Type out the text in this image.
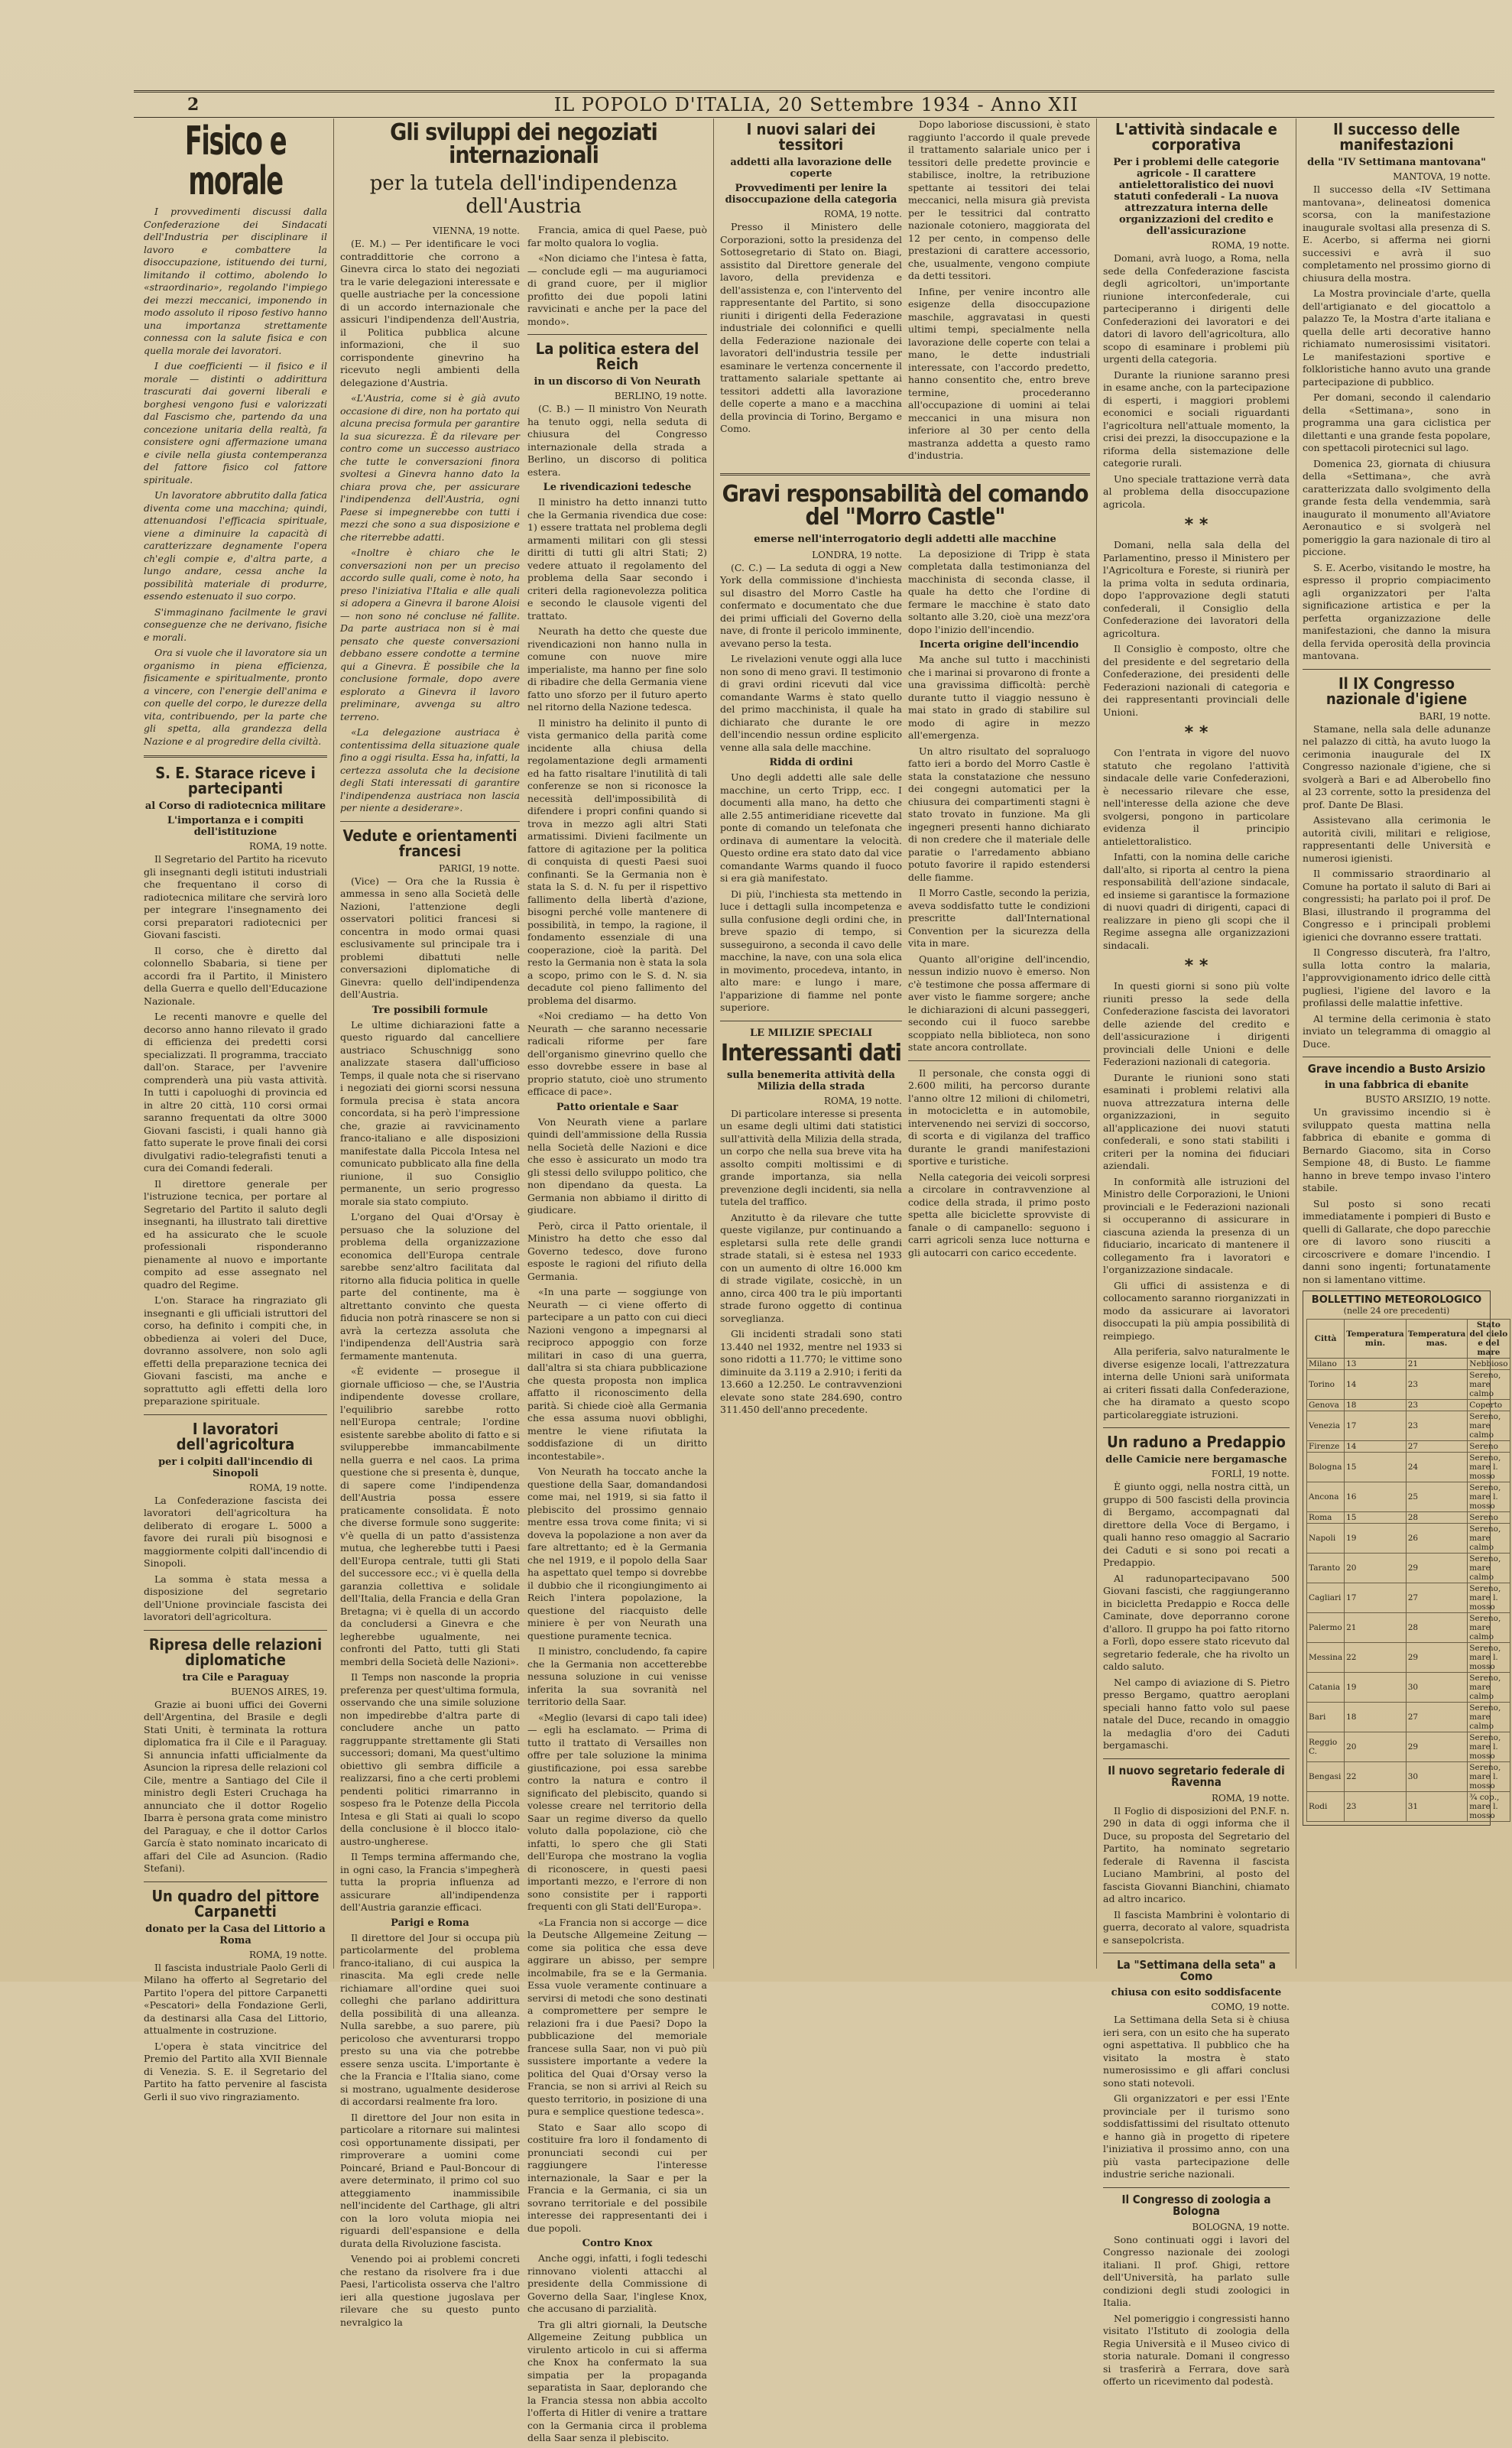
2	IL POPOLO D'ITALIA, 20 Settembre 1934 - Anno XII
Fisico e morale

I provvedimenti discussi dalla Confederazione dei Sindacati dell'Industria per disciplinare il lavoro e combattere la disoccupazione, istituendo dei turni, limitando il cottimo, abolendo lo «straordinario», regolando l'impiego dei mezzi meccanici, imponendo in modo assoluto il riposo festivo hanno una importanza strettamente connessa con la salute fisica e con quella morale dei lavoratori.

I due coefficienti — il fisico e il morale — distinti o addirittura trascurati dai governi liberali e borghesi vengono fusi e valorizzati dal Fascismo che, partendo da una concezione unitaria della realtà, fa consistere ogni affermazione umana e civile nella giusta contemperanza del fattore fisico col fattore spirituale.

Un lavoratore abbrutito dalla fatica diventa come una macchina; quindi, attenuandosi l'efficacia spirituale, viene a diminuire la capacità di caratterizzare degnamente l'opera ch'egli compie e, d'altra parte, a lungo andare, cessa anche la possibilità materiale di produrre, essendo estenuato il suo corpo.

S'immaginano facilmente le gravi conseguenze che ne derivano, fisiche e morali.

Ora si vuole che il lavoratore sia un organismo in piena efficienza, fisicamente e spiritualmente, pronto a vincere, con l'energie dell'anima e con quelle del corpo, le durezze della vita, contribuendo, per la parte che gli spetta, alla grandezza della Nazione e al progredire della civiltà.

S. E. Starace riceve i partecipanti
al Corso di radiotecnica militare
L'importanza e i compiti dell'istituzione
ROMA, 19 notte.

Il Segretario del Partito ha ricevuto gli insegnanti degli istituti industriali che frequentano il corso di radiotecnica militare che servirà loro per integrare l'insegnamento dei corsi preparatori radiotecnici per Giovani fascisti.

Il corso, che è diretto dal colonnello Sbabaria, si tiene per accordi fra il Partito, il Ministero della Guerra e quello dell'Educazione Nazionale.

Le recenti manovre e quelle del decorso anno hanno rilevato il grado di efficienza dei predetti corsi specializzati. Il programma, tracciato dall'on. Starace, per l'avvenire comprenderà una più vasta attività. In tutti i capoluoghi di provincia ed in altre 20 città, 110 corsi ormai saranno frequentati da oltre 3000 Giovani fascisti, i quali hanno già fatto superate le prove finali dei corsi divulgativi radio-telegrafisti tenuti a cura dei Comandi federali.

Il direttore generale per l'istruzione tecnica, per portare al Segretario del Partito il saluto degli insegnanti, ha illustrato tali direttive ed ha assicurato che le scuole professionali risponderanno pienamente al nuovo e importante compito ad esse assegnato nel quadro del Regime.

L'on. Starace ha ringraziato gli insegnanti e gli ufficiali istruttori del corso, ha definito i compiti che, in obbedienza ai voleri del Duce, dovranno assolvere, non solo agli effetti della preparazione tecnica dei Giovani fascisti, ma anche e soprattutto agli effetti della loro preparazione spirituale.

I lavoratori dell'agricoltura
per i colpiti dall'incendio di Sinopoli
ROMA, 19 notte.

La Confederazione fascista dei lavoratori dell'agricoltura ha deliberato di erogare L. 5000 a favore dei rurali più bisognosi e maggiormente colpiti dall'incendio di Sinopoli.

La somma è stata messa a disposizione del segretario dell'Unione provinciale fascista dei lavoratori dell'agricoltura.

Ripresa delle relazioni diplomatiche
tra Cile e Paraguay
BUENOS AIRES, 19.

Grazie ai buoni uffici dei Governi dell'Argentina, del Brasile e degli Stati Uniti, è terminata la rottura diplomatica fra il Cile e il Paraguay. Si annuncia infatti ufficialmente da Asuncion la ripresa delle relazioni col Cile, mentre a Santiago del Cile il ministro degli Esteri Cruchaga ha annunciato che il dottor Rogelio Ibarra è persona grata come ministro del Paraguay, e che il dottor Carlos García è stato nominato incaricato di affari del Cile ad Asuncion. (Radio Stefani).

Un quadro del pittore Carpanetti
donato per la Casa del Littorio a Roma
ROMA, 19 notte.

Il fascista industriale Paolo Gerli di Milano ha offerto al Segretario del Partito l'opera del pittore Carpanetti «Pescatori» della Fondazione Gerli, da destinarsi alla Casa del Littorio, attualmente in costruzione.

L'opera è stata vincitrice del Premio del Partito alla XVII Biennale di Venezia. S. E. il Segretario del Partito ha fatto pervenire al fascista Gerli il suo vivo ringraziamento.

Gli sviluppi dei negoziati internazionali
per la tutela dell'indipendenza dell'Austria
VIENNA, 19 notte.

(E. M.) — Per identificare le voci contraddittorie che corrono a Ginevra circa lo stato dei negoziati tra le varie delegazioni interessate e quelle austriache per la concessione di un accordo internazionale che assicuri l'indipendenza dell'Austria, il Politica pubblica alcune informazioni, che il suo corrispondente ginevrino ha ricevuto negli ambienti della delegazione d'Austria.

«L'Austria, come si è già avuto occasione di dire, non ha portato qui alcuna precisa formula per garantire la sua sicurezza. È da rilevare per contro come un successo austriaco che tutte le conversazioni finora svoltesi a Ginevra hanno dato la chiara prova che, per assicurare l'indipendenza dell'Austria, ogni Paese si impegnerebbe con tutti i mezzi che sono a sua disposizione e che riterrebbe adatti.

«Inoltre è chiaro che le conversazioni non per un preciso accordo sulle quali, come è noto, ha preso l'iniziativa l'Italia e alle quali si adopera a Ginevra il barone Aloisi — non sono né concluse né fallite. Da parte austriaca non si è mai pensato che queste conversazioni debbano essere condotte a termine qui a Ginevra. È possibile che la conclusione formale, dopo avere esplorato a Ginevra il lavoro preliminare, avvenga su altro terreno.

«La delegazione austriaca è contentissima della situazione quale fino a oggi risulta. Essa ha, infatti, la certezza assoluta che la decisione degli Stati interessati di garantire l'indipendenza austriaca non lascia per niente a desiderare».

Vedute e orientamenti francesi
PARIGI, 19 notte.

(Vice) — Ora che la Russia è ammessa in seno alla Società delle Nazioni, l'attenzione degli osservatori politici francesi si concentra in modo ormai quasi esclusivamente sul principale tra i problemi dibattuti nelle conversazioni diplomatiche di Ginevra: quello dell'indipendenza dell'Austria.

Tre possibili formule

Le ultime dichiarazioni fatte a questo riguardo dal cancelliere austriaco Schuschnigg sono analizzate stasera dall'ufficioso Temps, il quale nota che si riservano i negoziati dei giorni scorsi nessuna formula precisa è stata ancora concordata, si ha però l'impressione che, grazie ai ravvicinamento franco-italiano e alle disposizioni manifestate dalla Piccola Intesa nel comunicato pubblicato alla fine della riunione, il suo Consiglio permanente, un serio progresso morale sia stato compiuto.

L'organo del Quai d'Orsay è persuaso che la soluzione del problema della organizzazione economica dell'Europa centrale sarebbe senz'altro facilitata dal ritorno alla fiducia politica in quelle parte del continente, ma è altrettanto convinto che questa fiducia non potrà rinascere se non si avrà la certezza assoluta che l'indipendenza dell'Austria sarà fermamente mantenuta.

«È evidente — prosegue il giornale ufficioso — che, se l'Austria indipendente dovesse crollare, l'equilibrio sarebbe rotto nell'Europa centrale; l'ordine esistente sarebbe abolito di fatto e si svilupperebbe immancabilmente nella guerra e nel caos. La prima questione che si presenta è, dunque, di sapere come l'indipendenza dell'Austria possa essere praticamente consolidata. È noto che diverse formule sono suggerite: v'è quella di un patto d'assistenza mutua, che legherebbe tutti i Paesi dell'Europa centrale, tutti gli Stati del successore ecc.; vi è quella della garanzia collettiva e solidale dell'Italia, della Francia e della Gran Bretagna; vi è quella di un accordo da concludersi a Ginevra e che legherebbe ugualmente, nei confronti del Patto, tutti gli Stati membri della Società delle Nazioni».

Il Temps non nasconde la propria preferenza per quest'ultima formula, osservando che una simile soluzione non impedirebbe d'altra parte di concludere anche un patto raggruppante strettamente gli Stati successori; domani, Ma quest'ultimo obiettivo gli sembra difficile a realizzarsi, fino a che certi problemi pendenti politici rimarranno in sospeso fra le Potenze della Piccola Intesa e gli Stati ai quali lo scopo della conclusione è il blocco italo-austro-ungherese.

Il Temps termina affermando che, in ogni caso, la Francia s'impegherà tutta la propria influenza ad assicurare all'indipendenza dell'Austria garanzie efficaci.

Parigi e Roma

Il direttore del Jour si occupa più particolarmente del problema franco-italiano, di cui auspica la rinascita. Ma egli crede nelle richiamare all'ordine quei suoi colleghi che parlano addirittura della possibilità di una alleanza. Nulla sarebbe, a suo parere, più pericoloso che avventurarsi troppo presto su una via che potrebbe essere senza uscita. L'importante è che la Francia e l'Italia siano, come si mostrano, ugualmente desiderose di accordarsi realmente fra loro.

Il direttore del Jour non esita in particolare a ritornare sui malintesi così opportunamente dissipati, per rimproverare a uomini come Poincaré, Briand e Paul-Boncour di avere determinato, il primo col suo atteggiamento inammissibile nell'incidente del Carthage, gli altri con la loro voluta miopia nei riguardi dell'espansione e della durata della Rivoluzione fascista.

Venendo poi ai problemi concreti che restano da risolvere fra i due Paesi, l'articolista osserva che l'altro ieri alla questione jugoslava per rilevare che su questo punto nevralgico la

Francia, amica di quel Paese, può far molto qualora lo voglia.

«Non diciamo che l'intesa è fatta, — conclude egli — ma auguriamoci di grand cuore, per il miglior profitto dei due popoli latini ravvicinati e anche per la pace del mondo».

La politica estera del Reich
in un discorso di Von Neurath
BERLINO, 19 notte.

(C. B.) — Il ministro Von Neurath ha tenuto oggi, nella seduta di chiusura del Congresso internazionale della strada a Berlino, un discorso di politica estera.

Le rivendicazioni tedesche

Il ministro ha detto innanzi tutto che la Germania rivendica due cose: 1) essere trattata nel problema degli armamenti militari con gli stessi diritti di tutti gli altri Stati; 2) vedere attuato il regolamento del problema della Saar secondo i criteri della ragionevolezza politica e secondo le clausole vigenti del trattato.

Neurath ha detto che queste due rivendicazioni non hanno nulla in comune con nuove mire imperialiste, ma hanno per fine solo di ribadire che della Germania viene fatto uno sforzo per il futuro aperto nel ritorno della Nazione tedesca.

Il ministro ha delinito il punto di vista germanico della parità come incidente alla chiusa della regolamentazione degli armamenti ed ha fatto risaltare l'inutilità di tali conferenze se non si riconosce la necessità dell'impossibilità di difendere i propri confini quando si trova in mezzo agli altri Stati armatissimi. Divieni facilmente un fattore di agitazione per la politica di conquista di questi Paesi suoi confinanti. Se la Germania non è stata la S. d. N. fu per il rispettivo fallimento della libertà d'azione, bisogni perché volle mantenere di possibilità, in tempo, la ragione, il fondamento essenziale di una cooperazione, cioè la parità. Del resto la Germania non è stata la sola a scopo, primo con le S. d. N. sia decadute col pieno fallimento del problema del disarmo.

«Noi crediamo — ha detto Von Neurath — che saranno necessarie radicali riforme per fare dell'organismo ginevrino quello che esso dovrebbe essere in base al proprio statuto, cioè uno strumento efficace di pace».

Patto orientale e Saar

Von Neurath viene a parlare quindi dell'ammissione della Russia nella Società delle Nazioni e dice che esso è assicurato un modo tra gli stessi dello sviluppo politico, che non dipendano da questa. La Germania non abbiamo il diritto di giudicare.

Però, circa il Patto orientale, il Ministro ha detto che esso dal Governo tedesco, dove furono esposte le ragioni del rifiuto della Germania.

«In una parte — soggiunge von Neurath — ci viene offerto di partecipare a un patto con cui dieci Nazioni vengono a impegnarsi al reciproco appoggio con forze militari in caso di una guerra, dall'altra si sta chiara pubblicazione che questa proposta non implica affatto il riconoscimento della parità. Si chiede cioè alla Germania che essa assuma nuovi obblighi, mentre le viene rifiutata la soddisfazione di un diritto incontestabile».

Von Neurath ha toccato anche la questione della Saar, domandandosi come mai, nel 1919, si sia fatto il plebiscito del prossimo gennaio mentre essa trova come finita; vi si doveva la popolazione a non aver da fare altrettanto; ed è la Germania che nel 1919, e il popolo della Saar ha aspettato quel tempo si dovrebbe il dubbio che il ricongiungimento ai Reich l'intera popolazione, la questione del riacquisto delle miniere è per von Neurath una questione puramente tecnica.

Il ministro, concludendo, fa capire che la Germania non accetterebbe nessuna soluzione in cui venisse inferita la sua sovranità nel territorio della Saar.

«Meglio (levarsi di capo tali idee) — egli ha esclamato. — Prima di tutto il trattato di Versailles non offre per tale soluzione la minima giustificazione, poi essa sarebbe contro la natura e contro il significato del plebiscito, quando si volesse creare nel territorio della Saar un regime diverso da quello voluto dalla popolazione, ciò che infatti, lo spero che gli Stati dell'Europa che mostrano la voglia di riconoscere, in questi paesi importanti mezzo, e l'errore di non sono consistite per i rapporti frequenti con gli Stati dell'Europa».

«La Francia non si accorge — dice la Deutsche Allgemeine Zeitung — come sia politica che essa deve aggirare un abisso, per sempre incolmabile, fra se e la Germania. Essa vuole veramente continuare a servirsi di metodi che sono destinati a compromettere per sempre le relazioni fra i due Paesi? Dopo la pubblicazione del memoriale francese sulla Saar, non vi può più sussistere importante a vedere la politica del Quai d'Orsay verso la Francia, se non si arrivi al Reich su questo territorio, in posizione di una pura e semplice questione tedesca».

Stato e Saar allo scopo di costituire fra loro il fondamento di pronunciati secondi cui per raggiungere l'interesse internazionale, la Saar e per la Francia e la Germania, ci sia un sovrano territoriale e del possibile interesse dei rappresentanti dei i due popoli.

Contro Knox

Anche oggi, infatti, i fogli tedeschi rinnovano violenti attacchi al presidente della Commissione di Governo della Saar, l'inglese Knox, che accusano di parzialità.

Tra gli altri giornali, la Deutsche Allgemeine Zeitung pubblica un virulento articolo in cui si afferma che Knox ha confermato la sua simpatia per la propaganda separatista in Saar, deplorando che la Francia stessa non abbia accolto l'offerta di Hitler di venire a trattare con la Germania circa il problema della Saar senza il plebiscito.

I nuovi salari dei tessitori
addetti alla lavorazione delle coperte
Provvedimenti per lenire la disoccupazione della categoria
ROMA, 19 notte.

Presso il Ministero delle Corporazioni, sotto la presidenza del Sottosegretario di Stato on. Biagi, assistito dal Direttore generale del lavoro, della previdenza e dell'assistenza e, con l'intervento del rappresentante del Partito, si sono riuniti i dirigenti della Federazione industriale dei colonnifici e quelli della Federazione nazionale dei lavoratori dell'industria tessile per esaminare le vertenza concernente il trattamento salariale spettante ai tessitori addetti alla lavorazione delle coperte a mano e a macchina della provincia di Torino, Bergamo e Como.

Dopo laboriose discussioni, è stato raggiunto l'accordo il quale prevede il trattamento salariale unico per i tessitori delle predette provincie e stabilisce, inoltre, la retribuzione spettante ai tessitori dei telai meccanici, nella misura già prevista per le tessitrici dal contratto nazionale cotoniero, maggiorata del 12 per cento, in compenso delle prestazioni di carattere accessorio, che, usualmente, vengono compiute da detti tessitori.

Infine, per venire incontro alle esigenze della disoccupazione maschile, aggravatasi in questi ultimi tempi, specialmente nella lavorazione delle coperte con telai a mano, le dette industriali interessate, con l'accordo predetto, hanno consentito che, entro breve termine, procederanno all'occupazione di uomini ai telai meccanici in una misura non inferiore al 30 per cento della mastranza addetta a questo ramo d'industria.

Gravi responsabilità del comando del "Morro Castle"
emerse nell'interrogatorio degli addetti alle macchine
LONDRA, 19 notte.

(C. C.) — La seduta di oggi a New York della commissione d'inchiesta sul disastro del Morro Castle ha confermato e documentato che due dei primi ufficiali del Governo della nave, di fronte il pericolo imminente, avevano perso la testa.

Le rivelazioni venute oggi alla luce non sono di meno gravi. Il testimonio di gravi ordini ricevuti dal vice comandante Warms è stato quello del primo macchinista, il quale ha dichiarato che durante le ore dell'incendio nessun ordine esplicito venne alla sala delle macchine.

Ridda di ordini

Uno degli addetti alle sale delle macchine, un certo Tripp, ecc. I documenti alla mano, ha detto che alle 2.55 antimeridiane ricevette dal ponte di comando un telefonata che ordinava di aumentare la velocità. Questo ordine era stato dato dal vice comandante Warms quando il fuoco si era già manifestato.

Di più, l'inchiesta sta mettendo in luce i dettagli sulla incompetenza e sulla confusione degli ordini che, in breve spazio di tempo, si susseguirono, a seconda il cavo delle macchine, la nave, con una sola elica in movimento, procedeva, intanto, in alto mare: e lungo i mare, l'apparizione di fiamme nel ponte superiore.

LE MILIZIE SPECIALI
Interessanti dati
sulla benemerita attività della Milizia della strada
ROMA, 19 notte.

Di particolare interesse si presenta un esame degli ultimi dati statistici sull'attività della Milizia della strada, un corpo che nella sua breve vita ha assolto compiti moltissimi e di grande importanza, sia nella prevenzione degli incidenti, sia nella tutela del traffico.

Anzitutto è da rilevare che tutte queste vigilanze, pur continuando a espletarsi sulla rete delle grandi strade statali, si è estesa nel 1933 con un aumento di oltre 16.000 km di strade vigilate, cosicchè, in un anno, circa 400 tra le più importanti strade furono oggetto di continua sorveglianza.

Gli incidenti stradali sono stati 13.440 nel 1932, mentre nel 1933 si sono ridotti a 11.770; le vittime sono diminuite da 3.119 a 2.910; i feriti da 13.660 a 12.250. Le contravvenzioni elevate sono state 284.690, contro 311.450 dell'anno precedente.

La deposizione di Tripp è stata completata dalla testimonianza del macchinista di seconda classe, il quale ha detto che l'ordine di fermare le macchine è stato dato soltanto alle 3.20, cioè una mezz'ora dopo l'inizio dell'incendio.

Incerta origine dell'incendio

Ma anche sul tutto i macchinisti che i marinai si provarono di fronte a una gravissima difficoltà: perchè durante tutto il viaggio nessuno è mai stato in grado di stabilire sul modo di agire in mezzo all'emergenza.

Un altro risultato del sopraluogo fatto ieri a bordo del Morro Castle è stata la constatazione che nessuno dei congegni automatici per la chiusura dei compartimenti stagni è stato trovato in funzione. Ma gli ingegneri presenti hanno dichiarato di non credere che il materiale delle paratie o l'arredamento abbiano potuto favorire il rapido estendersi delle fiamme.

Il Morro Castle, secondo la perizia, aveva soddisfatto tutte le condizioni prescritte dall'International Convention per la sicurezza della vita in mare.

Quanto all'origine dell'incendio, nessun indizio nuovo è emerso. Non c'è testimone che possa affermare di aver visto le fiamme sorgere; anche le dichiarazioni di alcuni passeggeri, secondo cui il fuoco sarebbe scoppiato nella biblioteca, non sono state ancora controllate.

Il personale, che consta oggi di 2.600 militi, ha percorso durante l'anno oltre 12 milioni di chilometri, in motocicletta e in automobile, intervenendo nei servizi di soccorso, di scorta e di vigilanza del traffico durante le grandi manifestazioni sportive e turistiche.

Nella categoria dei veicoli sorpresi a circolare in contravvenzione al codice della strada, il primo posto spetta alle biciclette sprovviste di fanale o di campanello: seguono i carri agricoli senza luce notturna e gli autocarri con carico eccedente.

L'attività sindacale e corporativa
Per i problemi delle categorie agricole - Il carattere antielettoralistico dei nuovi statuti confederali - La nuova attrezzatura interna delle organizzazioni del credito e dell'assicurazione
ROMA, 19 notte.

Domani, avrà luogo, a Roma, nella sede della Confederazione fascista degli agricoltori, un'importante riunione interconfederale, cui parteciperanno i dirigenti delle Confederazioni dei lavoratori e dei datori di lavoro dell'agricoltura, allo scopo di esaminare i problemi più urgenti della categoria.

Durante la riunione saranno presi in esame anche, con la partecipazione di esperti, i maggiori problemi economici e sociali riguardanti l'agricoltura nell'attuale momento, la crisi dei prezzi, la disoccupazione e la riforma della sistemazione delle categorie rurali.

Uno speciale trattazione verrà data al problema della disoccupazione agricola.

* *

Domani, nella sala della del Parlamentino, presso il Ministero per l'Agricoltura e Foreste, si riunirà per la prima volta in seduta ordinaria, dopo l'approvazione degli statuti confederali, il Consiglio della Confederazione dei lavoratori della agricoltura.

Il Consiglio è composto, oltre che del presidente e del segretario della Confederazione, dei presidenti delle Federazioni nazionali di categoria e dei rappresentanti provinciali delle Unioni.

* *

Con l'entrata in vigore del nuovo statuto che regolano l'attività sindacale delle varie Confederazioni, è necessario rilevare che esse, nell'interesse della azione che deve svolgersi, pongono in particolare evidenza il principio antielettoralistico.

Infatti, con la nomina delle cariche dall'alto, si riporta al centro la piena responsabilità dell'azione sindacale, ed insieme si garantisce la formazione di nuovi quadri di dirigenti, capaci di realizzare in pieno gli scopi che il Regime assegna alle organizzazioni sindacali.

* *

In questi giorni si sono più volte riuniti presso la sede della Confederazione fascista dei lavoratori delle aziende del credito e dell'assicurazione i dirigenti provinciali delle Unioni e delle Federazioni nazionali di categoria.

Durante le riunioni sono stati esaminati i problemi relativi alla nuova attrezzatura interna delle organizzazioni, in seguito all'applicazione dei nuovi statuti confederali, e sono stati stabiliti i criteri per la nomina dei fiduciari aziendali.

In conformità alle istruzioni del Ministro delle Corporazioni, le Unioni provinciali e le Federazioni nazionali si occuperanno di assicurare in ciascuna azienda la presenza di un fiduciario, incaricato di mantenere il collegamento fra i lavoratori e l'organizzazione sindacale.

Gli uffici di assistenza e di collocamento saranno riorganizzati in modo da assicurare ai lavoratori disoccupati la più ampia possibilità di reimpiego.

Alla periferia, salvo naturalmente le diverse esigenze locali, l'attrezzatura interna delle Unioni sarà uniformata ai criteri fissati dalla Confederazione, che ha diramato a questo scopo particolareggiate istruzioni.

Un raduno a Predappio
delle Camicie nere bergamasche
FORLÌ, 19 notte.

È giunto oggi, nella nostra città, un gruppo di 500 fascisti della provincia di Bergamo, accompagnati dal direttore della Voce di Bergamo, i quali hanno reso omaggio al Sacrario dei Caduti e si sono poi recati a Predappio.

Al radunopartecipavano 500 Giovani fascisti, che raggiungeranno in bicicletta Predappio e Rocca delle Caminate, dove deporranno corone d'alloro. Il gruppo ha poi fatto ritorno a Forlì, dopo essere stato ricevuto dal segretario federale, che ha rivolto un caldo saluto.

Nel campo di aviazione di S. Pietro presso Bergamo, quattro aeroplani speciali hanno fatto volo sul paese natale del Duce, recando in omaggio la medaglia d'oro dei Caduti bergamaschi.

Il nuovo segretario federale di Ravenna
ROMA, 19 notte.

Il Foglio di disposizioni del P.N.F. n. 290 in data di oggi informa che il Duce, su proposta del Segretario del Partito, ha nominato segretario federale di Ravenna il fascista Luciano Mambrini, al posto del fascista Giovanni Bianchini, chiamato ad altro incarico.

Il fascista Mambrini è volontario di guerra, decorato al valore, squadrista e sansepolcrista.

La "Settimana della seta" a Como
chiusa con esito soddisfacente
COMO, 19 notte.

La Settimana della Seta si è chiusa ieri sera, con un esito che ha superato ogni aspettativa. Il pubblico che ha visitato la mostra è stato numerosissimo e gli affari conclusi sono stati notevoli.

Gli organizzatori e per essi l'Ente provinciale per il turismo sono soddisfattissimi del risultato ottenuto e hanno già in progetto di ripetere l'iniziativa il prossimo anno, con una più vasta partecipazione delle industrie seriche nazionali.

Il Congresso di zoologia a Bologna
BOLOGNA, 19 notte.

Sono continuati oggi i lavori del Congresso nazionale dei zoologi italiani. Il prof. Ghigi, rettore dell'Università, ha parlato sulle condizioni degli studi zoologici in Italia.

Nel pomeriggio i congressisti hanno visitato l'Istituto di zoologia della Regia Università e il Museo civico di storia naturale. Domani il congresso si trasferirà a Ferrara, dove sarà offerto un ricevimento dal podestà.

Il successo delle manifestazioni
della "IV Settimana mantovana"
MANTOVA, 19 notte.

Il successo della «IV Settimana mantovana», delineatosi domenica scorsa, con la manifestazione inaugurale svoltasi alla presenza di S. E. Acerbo, si afferma nei giorni successivi e avrà il suo completamento nel prossimo giorno di chiusura della mostra.

La Mostra provinciale d'arte, quella dell'artigianato e del giocattolo a palazzo Te, la Mostra d'arte italiana e quella delle arti decorative hanno richiamato numerosissimi visitatori. Le manifestazioni sportive e folkloristiche hanno avuto una grande partecipazione di pubblico.

Per domani, secondo il calendario della «Settimana», sono in programma una gara ciclistica per dilettanti e una grande festa popolare, con spettacoli pirotecnici sul lago.

Domenica 23, giornata di chiusura della «Settimana», che avrà caratterizzata dallo svolgimento della grande festa della vendemmia, sarà inaugurato il monumento all'Aviatore Aeronautico e si svolgerà nel pomeriggio la gara nazionale di tiro al piccione.

S. E. Acerbo, visitando le mostre, ha espresso il proprio compiacimento agli organizzatori per l'alta significazione artistica e per la perfetta organizzazione delle manifestazioni, che danno la misura della fervida operosità della provincia mantovana.

Il IX Congresso nazionale d'igiene
BARI, 19 notte.

Stamane, nella sala delle adunanze nel palazzo di città, ha avuto luogo la cerimonia inaugurale del IX Congresso nazionale d'igiene, che si svolgerà a Bari e ad Alberobello fino al 23 corrente, sotto la presidenza del prof. Dante De Blasi.

Assistevano alla cerimonia le autorità civili, militari e religiose, rappresentanti delle Università e numerosi igienisti.

Il commissario straordinario al Comune ha portato il saluto di Bari ai congressisti; ha parlato poi il prof. De Blasi, illustrando il programma del Congresso e i principali problemi igienici che dovranno essere trattati.

Il Congresso discuterà, fra l'altro, sulla lotta contro la malaria, l'approvvigionamento idrico delle città pugliesi, l'igiene del lavoro e la profilassi delle malattie infettive.

Al termine della cerimonia è stato inviato un telegramma di omaggio al Duce.

Grave incendio a Busto Arsizio
in una fabbrica di ebanite
BUSTO ARSIZIO, 19 notte.

Un gravissimo incendio si è sviluppato questa mattina nella fabbrica di ebanite e gomma di Bernardo Giacomo, sita in Corso Sempione 48, di Busto. Le fiamme hanno in breve tempo invaso l'intero stabile.

Sul posto si sono recati immediatamente i pompieri di Busto e quelli di Gallarate, che dopo parecchie ore di lavoro sono riusciti a circoscrivere e domare l'incendio. I danni sono ingenti; fortunatamente non si lamentano vittime.

BOLLETTINO METEOROLOGICO
(nelle 24 ore precedenti)
Città	Temperatura min.	Temperatura mas.	Stato del cielo e del mare
Milano	13	21	Nebbioso
Torino	14	23	Sereno, mare calmo
Genova	18	23	Coperto
Venezia	17	23	Sereno, mare calmo
Firenze	14	27	Sereno
Bologna	15	24	Sereno, mare l. mosso
Ancona	16	25	Sereno, mare l. mosso
Roma	15	28	Sereno
Napoli	19	26	Sereno, mare calmo
Taranto	20	29	Sereno, mare calmo
Cagliari	17	27	Sereno, mare l. mosso
Palermo	21	28	Sereno, mare calmo
Messina	22	29	Sereno, mare l. mosso
Catania	19	30	Sereno, mare calmo
Bari	18	27	Sereno, mare calmo
Reggio C.	20	29	Sereno, mare l. mosso
Bengasi	22	30	Sereno, mare l. mosso
Rodi	23	31	¾ cop., mare l. mosso
